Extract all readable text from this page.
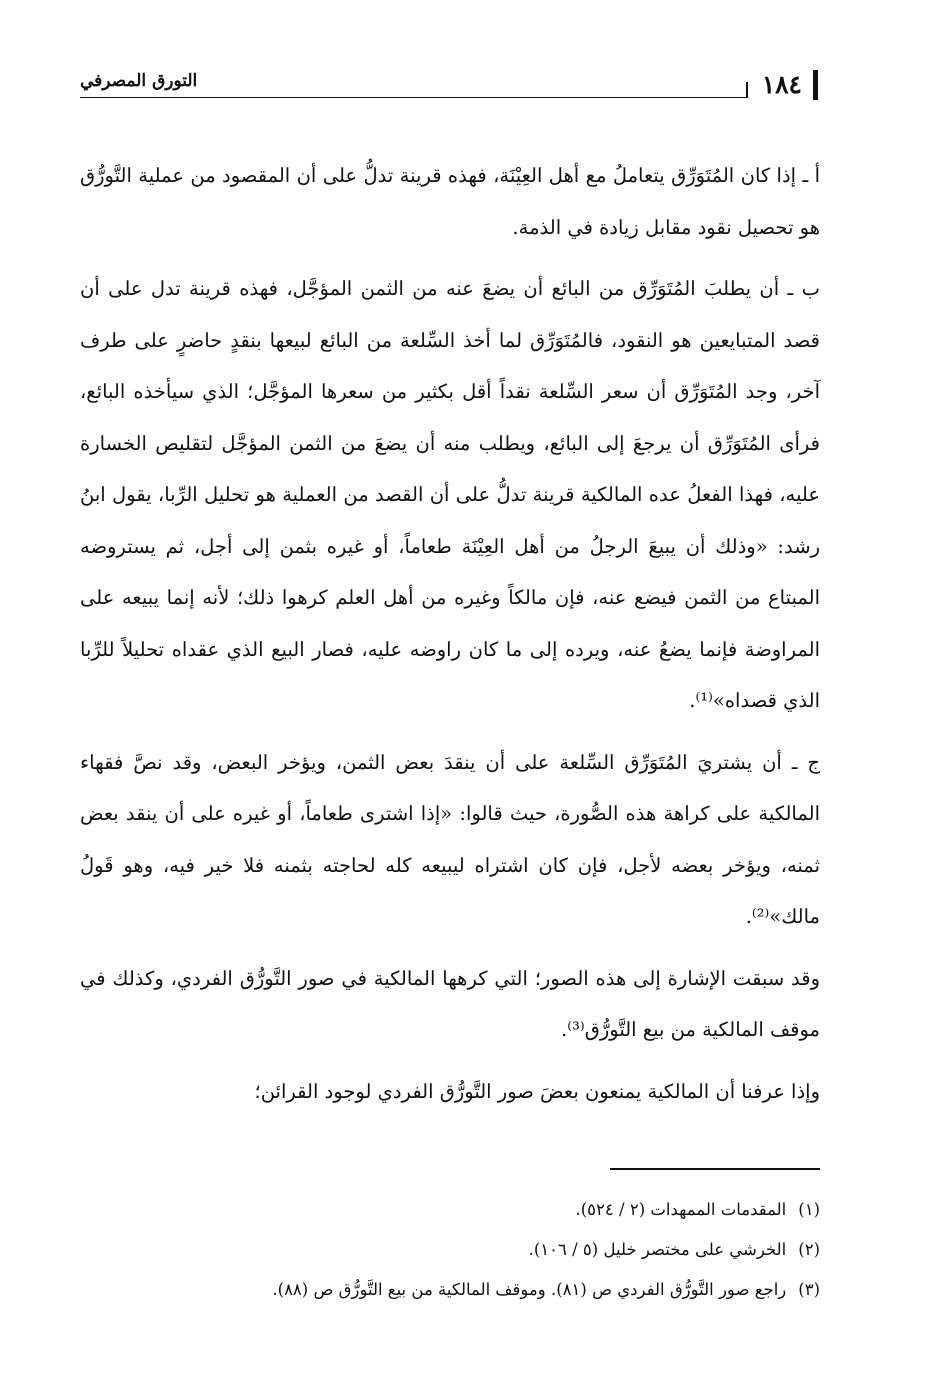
١٨٤
التورق المصرفي

أ ـ إذا كان المُتَوَرِّق يتعاملُ مع أهل العِيْنَة، فهذه قرينة تدلُّ على أن المقصود من عملية التَّورُّق هو تحصيل نقود مقابل زيادة في الذمة.

ب ـ أن يطلبَ المُتَوَرِّق من البائع أن يضعَ عنه من الثمن المؤجَّل، فهذه قرينة تدل على أن قصد المتبايعين هو النقود، فالمُتَوَرِّق لما أخذ السِّلعة من البائع لبيعها بنقدٍ حاضرٍ على طرف آخر، وجد المُتَوَرِّق أن سعر السِّلعة نقداً أقل بكثير من سعرها المؤجَّل؛ الذي سيأخذه البائع، فرأى المُتَوَرِّق أن يرجعَ إلى البائع، ويطلب منه أن يضعَ من الثمن المؤجَّل لتقليص الخسارة عليه، فهذا الفعلُ عده المالكية قرينة تدلُّ على أن القصد من العملية هو تحليل الرِّبا، يقول ابنُ رشد: «وذلك أن يبيعَ الرجلُ من أهل العِيْنَة طعاماً، أو غيره بثمن إلى أجل، ثم يستروضه المبتاع من الثمن فيضع عنه، فإن مالكاً وغيره من أهل العلم كرهوا ذلك؛ لأنه إنما يبيعه على المراوضة فإنما يضعُ عنه، ويرده إلى ما كان راوضه عليه، فصار البيع الذي عقداه تحليلاً للرِّبا الذي قصداه»⁽¹⁾.

ج ـ أن يشتريَ المُتَوَرِّق السِّلعة على أن ينقدَ بعض الثمن، ويؤخر البعض، وقد نصَّ فقهاء المالكية على كراهة هذه الصُّورة، حيث قالوا: «إذا اشترى طعاماً، أو غيره على أن ينقد بعض ثمنه، ويؤخر بعضه لأجل، فإن كان اشتراه ليبيعه كله لحاجته بثمنه فلا خير فيه، وهو قَولُ مالك»⁽²⁾.

وقد سبقت الإشارة إلى هذه الصور؛ التي كرهها المالكية في صور التَّورُّق الفردي، وكذلك في موقف المالكية من بيع التَّورُّق⁽³⁾.

وإذا عرفنا أن المالكية يمنعون بعضَ صور التَّورُّق الفردي لوجود القرائن؛

(١)المقدمات الممهدات (٢ / ٥٢٤).
(٢)الخرشي على مختصر خليل (٥ / ١٠٦).
(٣)راجع صور التَّورُّق الفردي ص (٨١). وموقف المالكية من بيع التَّورُّق ص (٨٨).
